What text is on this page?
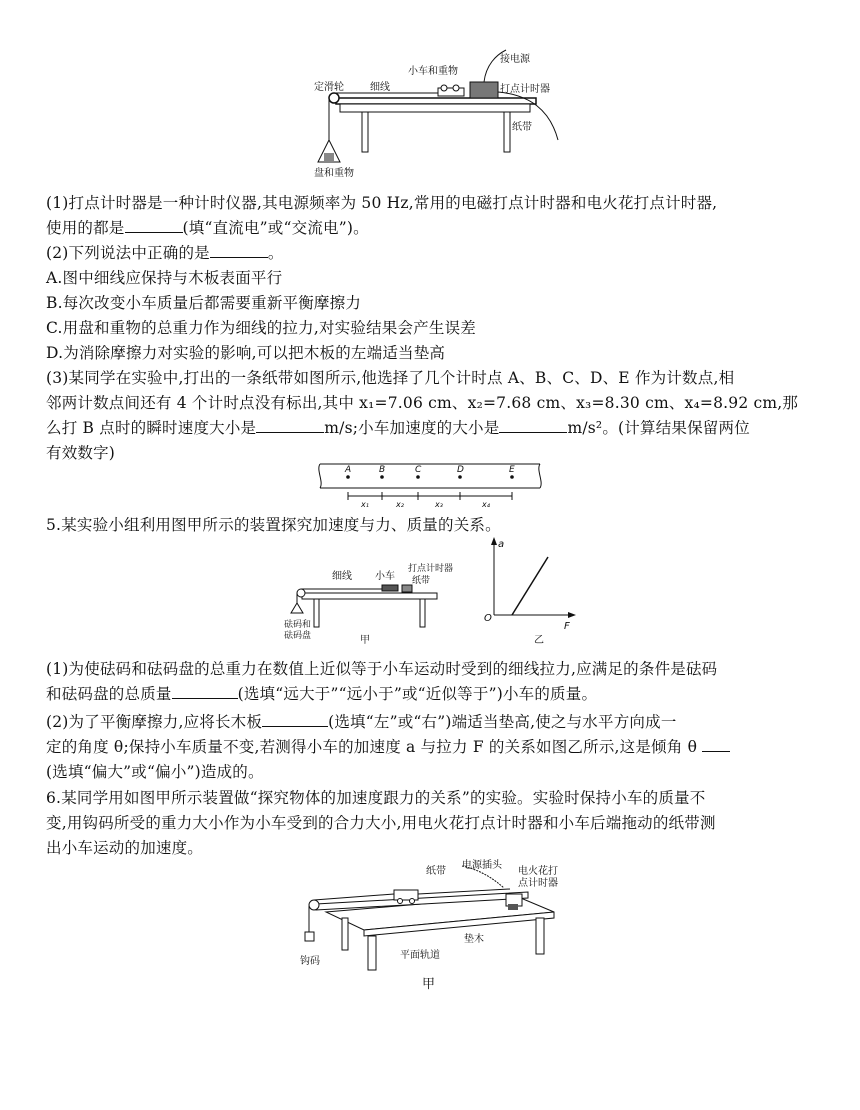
定滑轮	细线
小车和重物
接电源
打点计时器
纸带
盘和重物
(1)打点计时器是一种计时仪器,其电源频率为 50 Hz,常用的电磁打点计时器和电火花打点计时器,
使用的都是	(填“直流电”或“交流电”)。
(2)下列说法中正确的是	。
A.图中细线应保持与木板表面平行
B.每次改变小车质量后都需要重新平衡摩擦力
C.用盘和重物的总重力作为细线的拉力,对实验结果会产生误差
D.为消除摩擦力对实验的影响,可以把木板的左端适当垫高
(3)某同学在实验中,打出的一条纸带如图所示,他选择了几个计时点 A、B、C、D、E 作为计数点,相
邻两计数点间还有 4 个计时点没有标出,其中 x₁=7.06 cm、x₂=7.68 cm、x₃=8.30 cm、x₄=8.92 cm,那
么打 B 点时的瞬时速度大小是	m/s;小车加速度的大小是	m/s²。(计算结果保留两位
有效数字)
A	B	C	D	E
x₁	x₂	x₃	x₄
5.某实验小组利用图甲所示的装置探究加速度与力、质量的关系。
细线 小车
打点计时器
纸带
砝码和
砝码盘	甲
a
O
F
乙
(1)为使砝码和砝码盘的总重力在数值上近似等于小车运动时受到的细线拉力,应满足的条件是砝码
和砝码盘的总质量	(选填“远大于”“远小于”或“近似等于”)小车的质量。
(2)为了平衡摩擦力,应将长木板	(选填“左”或“右”)端适当垫高,使之与水平方向成一
定的角度 θ;保持小车质量不变,若测得小车的加速度 a 与拉力 F 的关系如图乙所示,这是倾角 θ
(选填“偏大”或“偏小”)造成的。
6.某同学用如图甲所示装置做“探究物体的加速度跟力的关系”的实验。实验时保持小车的质量不
变,用钩码所受的重力大小作为小车受到的合力大小,用电火花打点计时器和小车后端拖动的纸带测
出小车运动的加速度。
纸带
电源插头
电火花打
点计时器
钩码
平面轨道
垫木
甲
